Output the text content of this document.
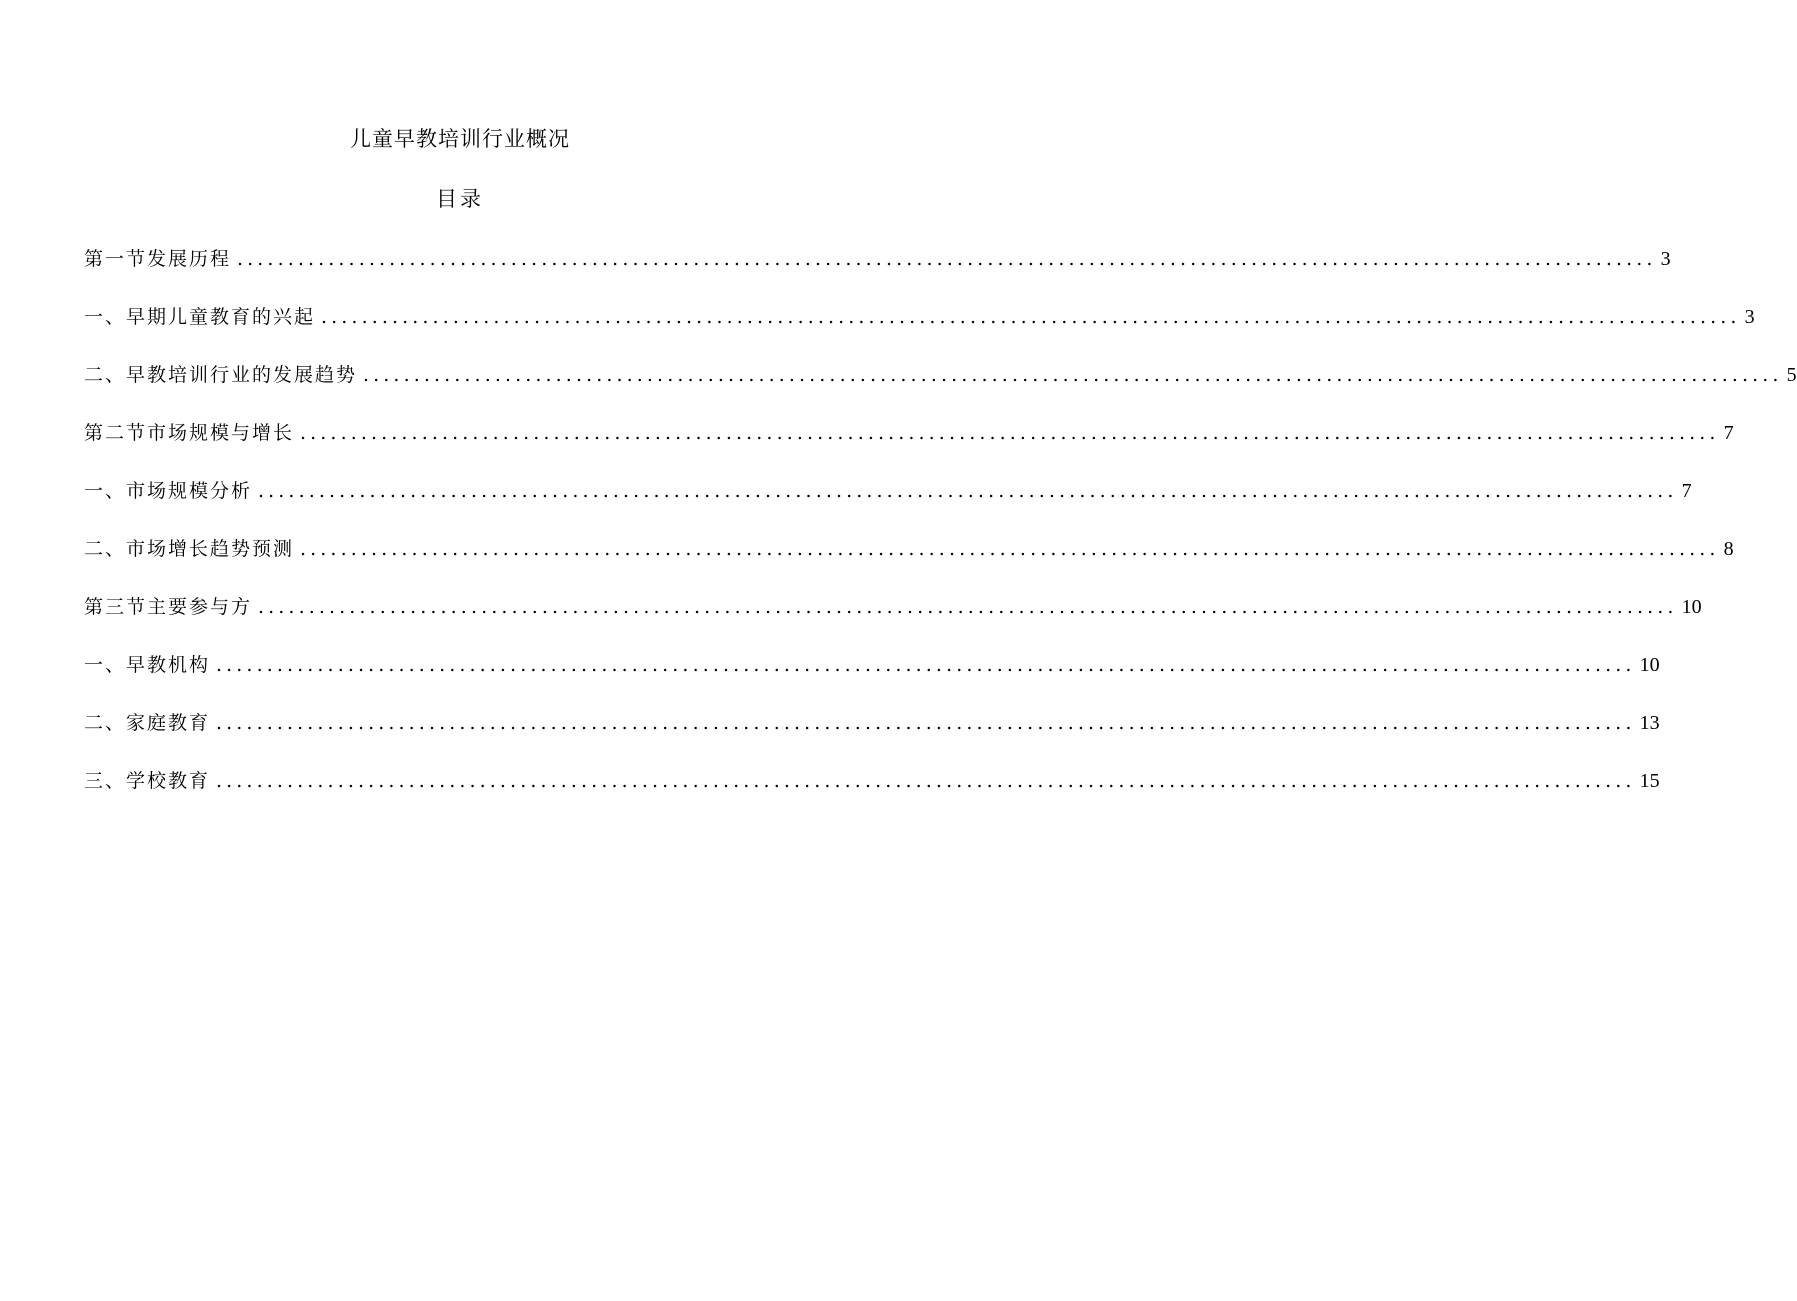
儿童早教培训行业概况
目录
第一节发展历程 ............................................................................................................................................ 3
一、早期儿童教育的兴起 ............................................................................................................................................ 3
二、早教培训行业的发展趋势 ............................................................................................................................................ 5
第二节市场规模与增长 ............................................................................................................................................ 7
一、市场规模分析 ............................................................................................................................................ 7
二、市场增长趋势预测 ............................................................................................................................................ 8
第三节主要参与方 ............................................................................................................................................ 10
一、早教机构 ............................................................................................................................................ 10
二、家庭教育 ............................................................................................................................................ 13
三、学校教育 ............................................................................................................................................ 15
